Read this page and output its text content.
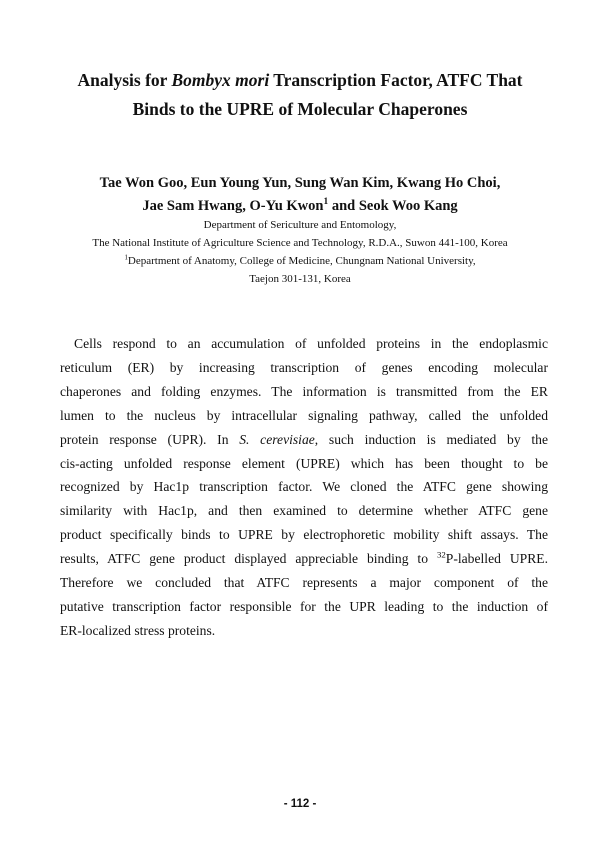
Analysis for Bombyx mori Transcription Factor, ATFC That
Binds to the UPRE of Molecular Chaperones
Tae Won Goo, Eun Young Yun, Sung Wan Kim, Kwang Ho Choi,
Jae Sam Hwang, O-Yu Kwon$^1$ and Seok Woo Kang
Department of Sericulture and Entomology,
The National Institute of Agriculture Science and Technology, R.D.A., Suwon 441-100, Korea
$^1$Department of Anatomy, College of Medicine, Chungnam National University,
Taejon 301-131, Korea
Cells respond to an accumulation of unfolded proteins in the endoplasmic
reticulum (ER) by increasing transcription of genes encoding molecular
chaperones and folding enzymes. The information is transmitted from the ER
lumen to the nucleus by intracellular signaling pathway, called the unfolded
protein response (UPR). In S. cerevisiae, such induction is mediated by the
cis-acting unfolded response element (UPRE) which has been thought to be
recognized by Hac1p transcription factor. We cloned the ATFC gene showing
similarity with Hac1p, and then examined to determine whether ATFC gene
product specifically binds to UPRE by electrophoretic mobility shift assays. The
results, ATFC gene product displayed appreciable binding to $^{32}$P-labelled UPRE.
Therefore we concluded that ATFC represents a major component of the
putative transcription factor responsible for the UPR leading to the induction of
ER-localized stress proteins.
- 112 -
